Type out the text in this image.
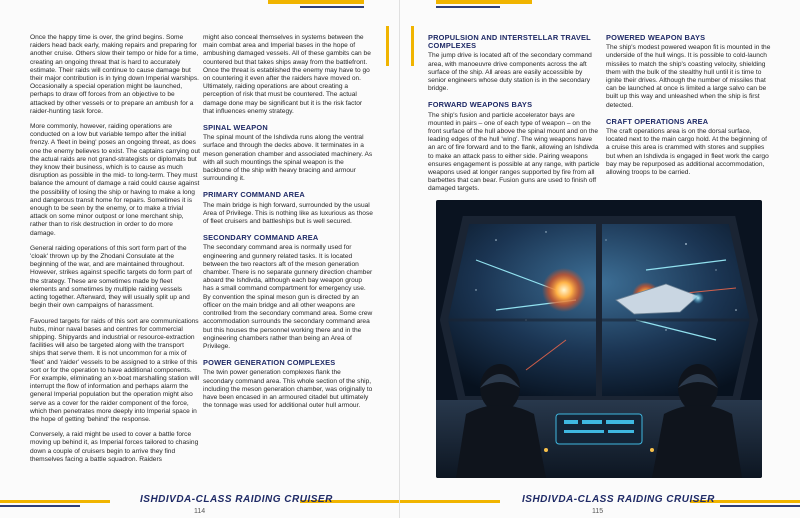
Once the happy time is over, the grind begins. Some raiders head back early, making repairs and preparing for another cruise. Others slow their tempo or hide for a time, creating an ongoing threat that is hard to accurately estimate. Their raids will continue to cause damage but their major contribution is in tying down Imperial warships. Occasionally a special operation might be launched, perhaps to draw off forces from an objective to be attacked by other vessels or to prepare an ambush for a raider-hunting task force.

More commonly, however, raiding operations are conducted on a low but variable tempo after the initial frenzy. A 'fleet in being' poses an ongoing threat, as does one the enemy believes to exist. The captains carrying out the actual raids are not grand-strategists or diplomats but they know their business, which is to cause as much disruption as possible in the mid- to long-term. They must balance the amount of damage a raid could cause against the possibility of losing the ship or having to make a long and dangerous transit home for repairs. Sometimes it is enough to be seen by the enemy, or to make a trivial attack on some minor outpost or lone merchant ship, rather than to risk destruction in order to do more damage.

General raiding operations of this sort form part of the 'cloak' thrown up by the Zhodani Consulate at the beginning of the war, and are maintained throughout. However, strikes against specific targets do form part of the strategy. These are sometimes made by fleet elements and sometimes by multiple raiding vessels acting together. Afterward, they will usually split up and begin their own campaigns of harassment.

Favoured targets for raids of this sort are communications hubs, minor naval bases and centres for commercial shipping. Shipyards and industrial or resource-extraction facilities will also be targeted along with the transport ships that serve them. It is not uncommon for a mix of 'fleet' and 'raider' vessels to be assigned to a strike of this sort or for the operation to have additional components. For example, eliminating an x-boat marshalling station will interrupt the flow of information and perhaps alarm the general Imperial population but the operation might also serve as a cover for the raider component of the force, which then penetrates more deeply into Imperial space in the hope of getting 'behind' the response.

Conversely, a raid might be used to cover a battle force moving up behind it, as Imperial forces tailored to chasing down a couple of cruisers begin to arrive they find themselves facing a battle squadron. Raiders

might also conceal themselves in systems between the main combat area and Imperial bases in the hope of ambushing damaged vessels. All of these gambits can be countered but that takes ships away from the battlefront. Once the threat is established the enemy may have to go on countering it even after the raiders have moved on. Ultimately, raiding operations are about creating a perception of risk that must be countered. The actual damage done may be significant but it is the risk factor that influences enemy strategy.

SPINAL WEAPON

The spinal mount of the Ishdivda runs along the ventral surface and through the decks above. It terminates in a meson generation chamber and associated machinery. As with all such mountings the spinal weapon is the backbone of the ship with heavy bracing and armour surrounding it.

PRIMARY COMMAND AREA

The main bridge is high forward, surrounded by the usual Area of Privilege. This is nothing like as luxurious as those of fleet cruisers and battleships but is well secured.

SECONDARY COMMAND AREA

The secondary command area is normally used for engineering and gunnery related tasks. It is located between the two reactors aft of the meson generation chamber. There is no separate gunnery direction chamber aboard the Ishdivda, although each bay weapon group has a small command compartment for emergency use. By convention the spinal meson gun is directed by an officer on the main bridge and all other weapons are controlled from the secondary command area. Some crew accommodation surrounds the secondary command area but this houses the personnel working there and in the engineering chambers rather than being an Area of Privilege.

POWER GENERATION COMPLEXES

The twin power generation complexes flank the secondary command area. This whole section of the ship, including the meson generation chamber, was originally to have been encased in an armoured citadel but ultimately the tonnage was used for additional outer hull armour.

ISHDIVDA-CLASS RAIDING CRUISER
114
PROPULSION AND INTERSTELLAR TRAVEL COMPLEXES

The jump drive is located aft of the secondary command area, with manoeuvre drive components across the aft surface of the ship. All areas are easily accessible by senior engineers whose duty station is in the secondary bridge.

FORWARD WEAPONS BAYS

The ship's fusion and particle accelerator bays are mounted in pairs – one of each type of weapon – on the front surface of the hull above the spinal mount and on the leading edges of the hull 'wing'. The wing weapons have an arc of fire forward and to the flank, allowing an Ishdivda to make an attack pass to either side. Pairing weapons ensures engagement is possible at any range, with particle weapons used at longer ranges supported by fire from all barbettes that can bear. Fusion guns are used to finish off damaged targets.

POWERED WEAPON BAYS

The ship's modest powered weapon fit is mounted in the underside of the hull wings. It is possible to cold-launch missiles to match the ship's coasting velocity, shielding them with the bulk of the stealthy hull until it is time to ignite their drives. Although the number of missiles that can be launched at once is limited a large salvo can be built up this way and unleashed when the ship is first detected.

CRAFT OPERATIONS AREA

The craft operations area is on the dorsal surface, located next to the main cargo hold. At the beginning of a cruise this area is crammed with stores and supplies but when an Ishdivda is engaged in fleet work the cargo bay may be repurposed as additional accommodation, allowing troops to be carried.

ISHDIVDA-CLASS RAIDING CRUISER
115
